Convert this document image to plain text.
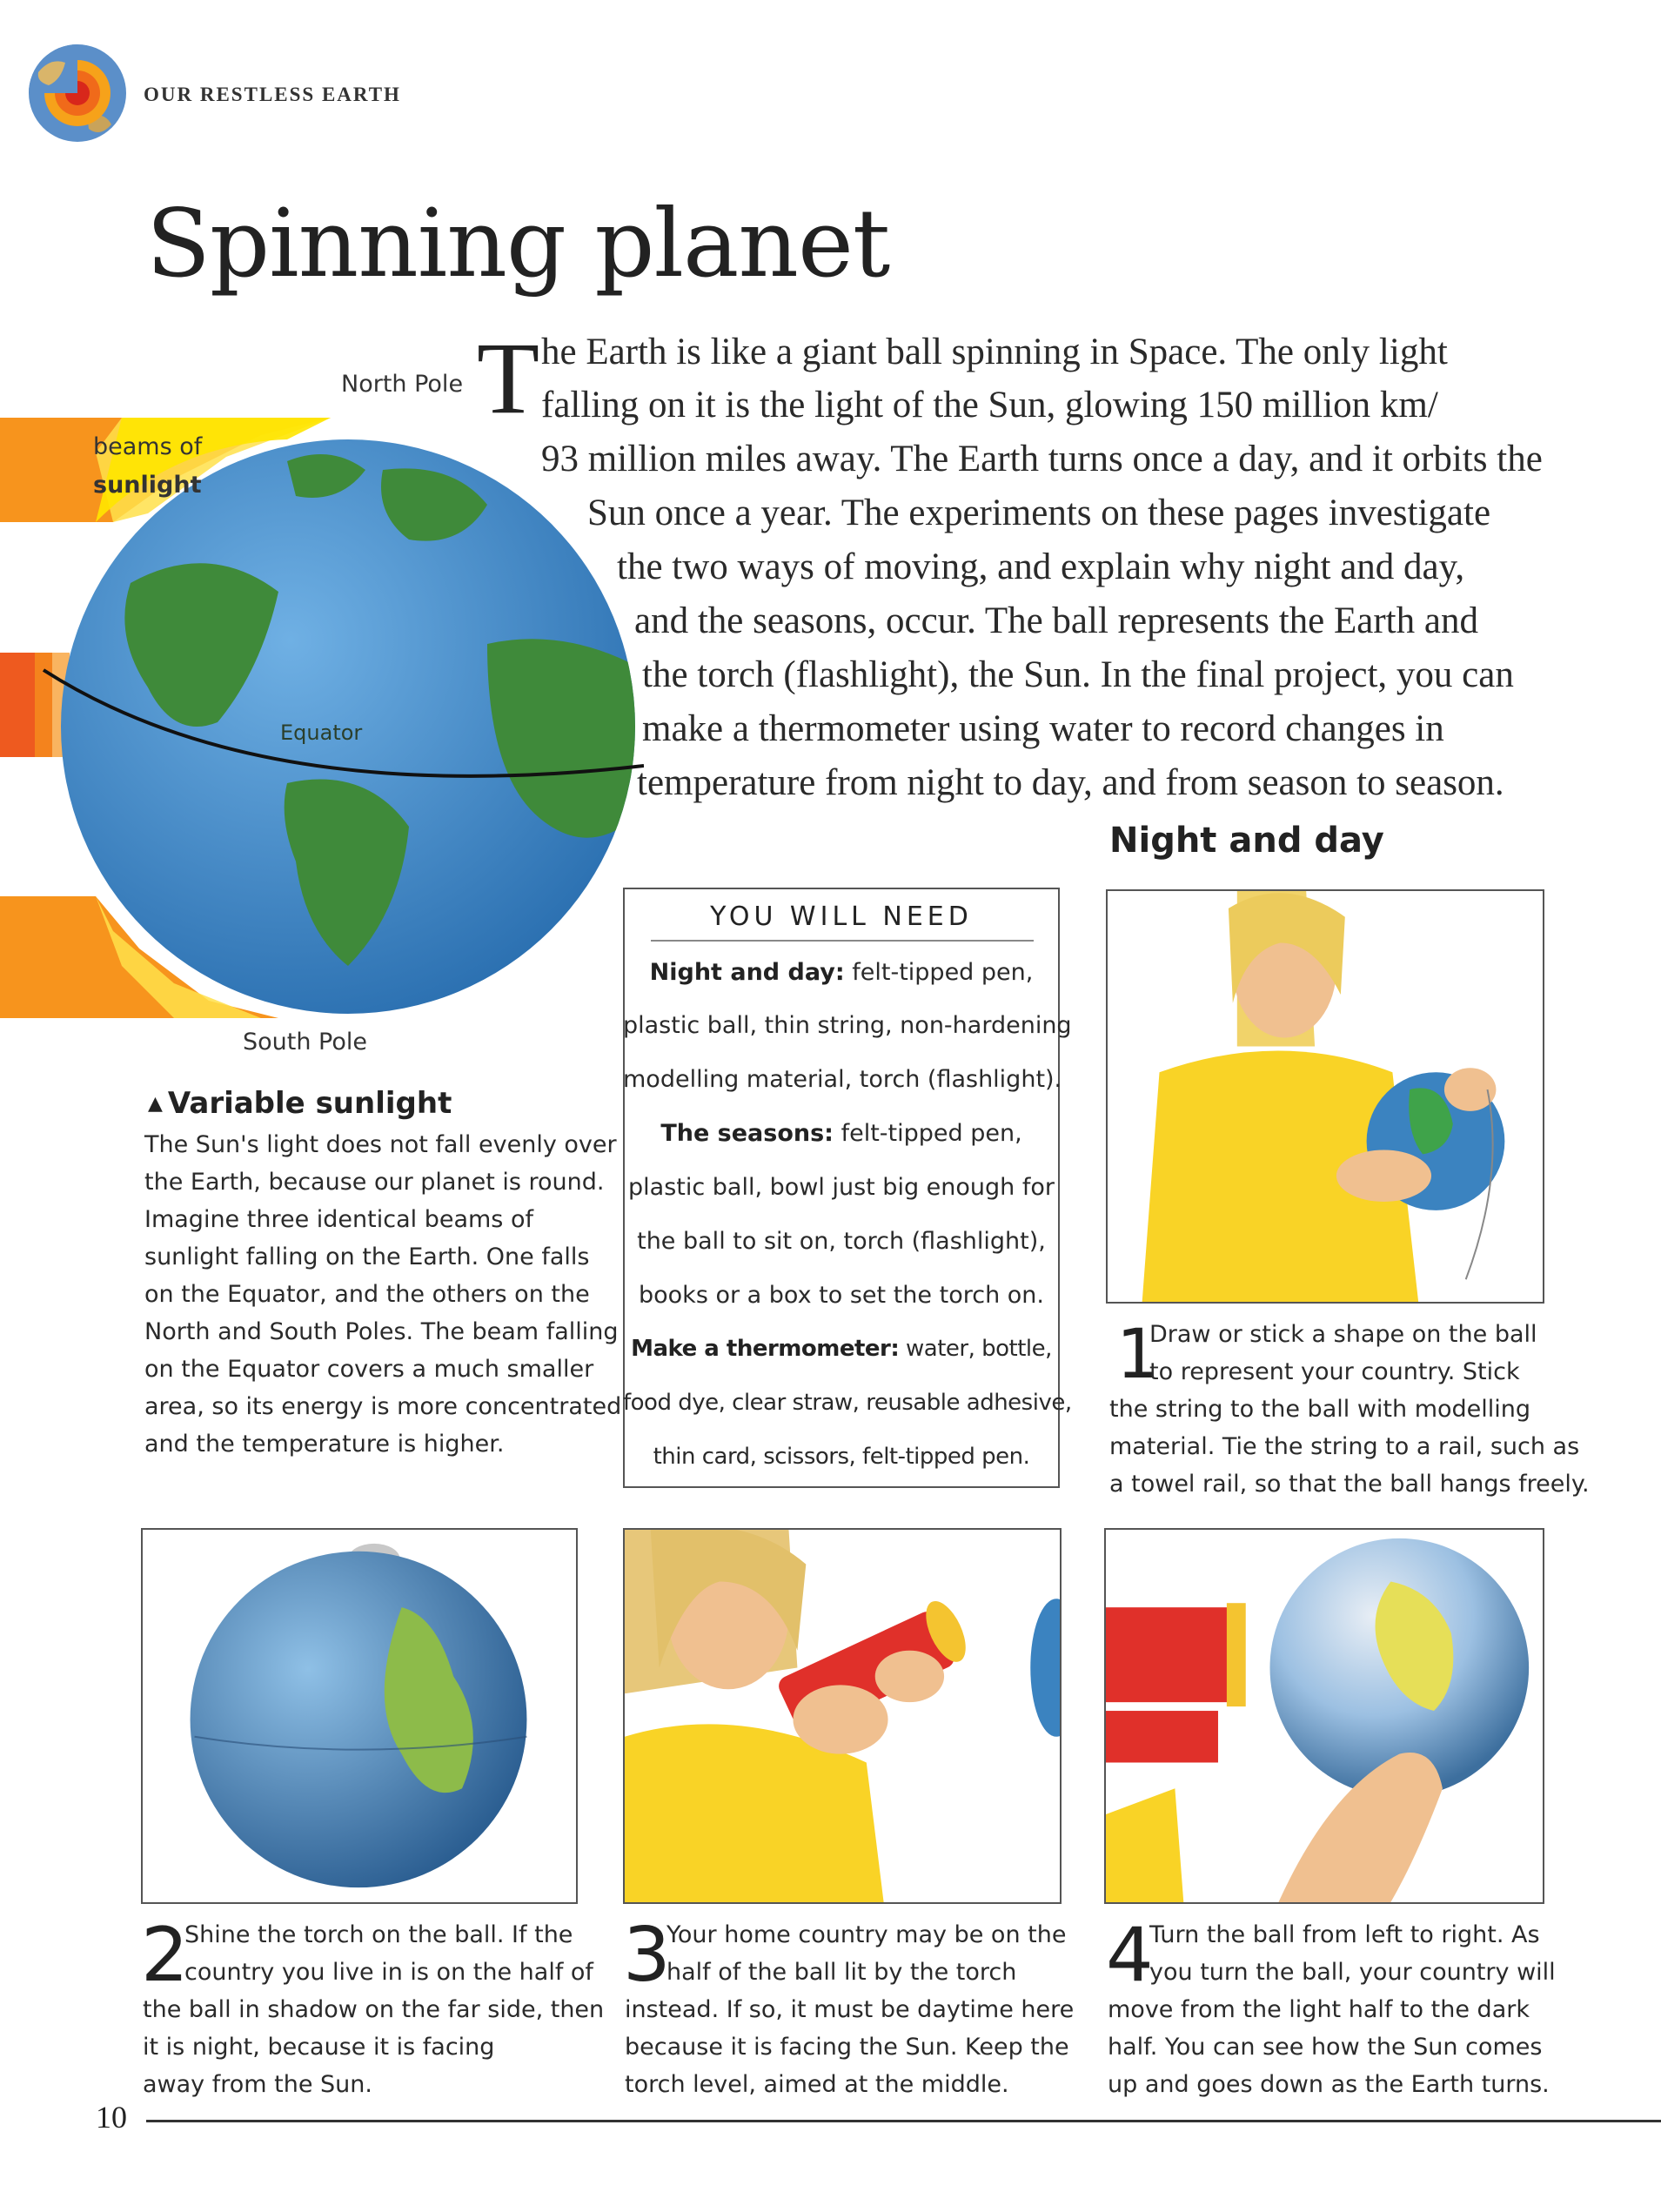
OUR RESTLESS EARTH
Spinning planet
T he Earth is like a giant ball spinning in Space. The only light
falling on it is the light of the Sun, glowing 150 million km/
93 million miles away. The Earth turns once a day, and it orbits the
Sun once a year. The experiments on these pages investigate
the two ways of moving, and explain why night and day,
and the seasons, occur. The ball represents the Earth and
the torch (flashlight), the Sun. In the final project, you can
make a thermometer using water to record changes in
temperature from night to day, and from season to season.
North Pole
beams of
sunlight
Equator
South Pole
▲ Variable sunlight
The Sun's light does not fall evenly over
the Earth, because our planet is round.
Imagine three identical beams of
sunlight falling on the Earth. One falls
on the Equator, and the others on the
North and South Poles. The beam falling
on the Equator covers a much smaller
area, so its energy is more concentrated
and the temperature is higher.
YOU WILL NEED
Night and day: felt-tipped pen,
plastic ball, thin string, non-hardening
modelling material, torch (flashlight).
The seasons: felt-tipped pen,
plastic ball, bowl just big enough for
the ball to sit on, torch (flashlight),
books or a box to set the torch on.
Make a thermometer: water, bottle,
food dye, clear straw, reusable adhesive,
thin card, scissors, felt-tipped pen.
Night and day
1
Draw or stick a shape on the ball
to represent your country. Stick
the string to the ball with modelling
material. Tie the string to a rail, such as
a towel rail, so that the ball hangs freely.
2
Shine the torch on the ball. If the
country you live in is on the half of
the ball in shadow on the far side, then
it is night, because it is facing
away from the Sun.
3
Your home country may be on the
half of the ball lit by the torch
instead. If so, it must be daytime here
because it is facing the Sun. Keep the
torch level, aimed at the middle.
4
Turn the ball from left to right. As
you turn the ball, your country will
move from the light half to the dark
half. You can see how the Sun comes
up and goes down as the Earth turns.
10
